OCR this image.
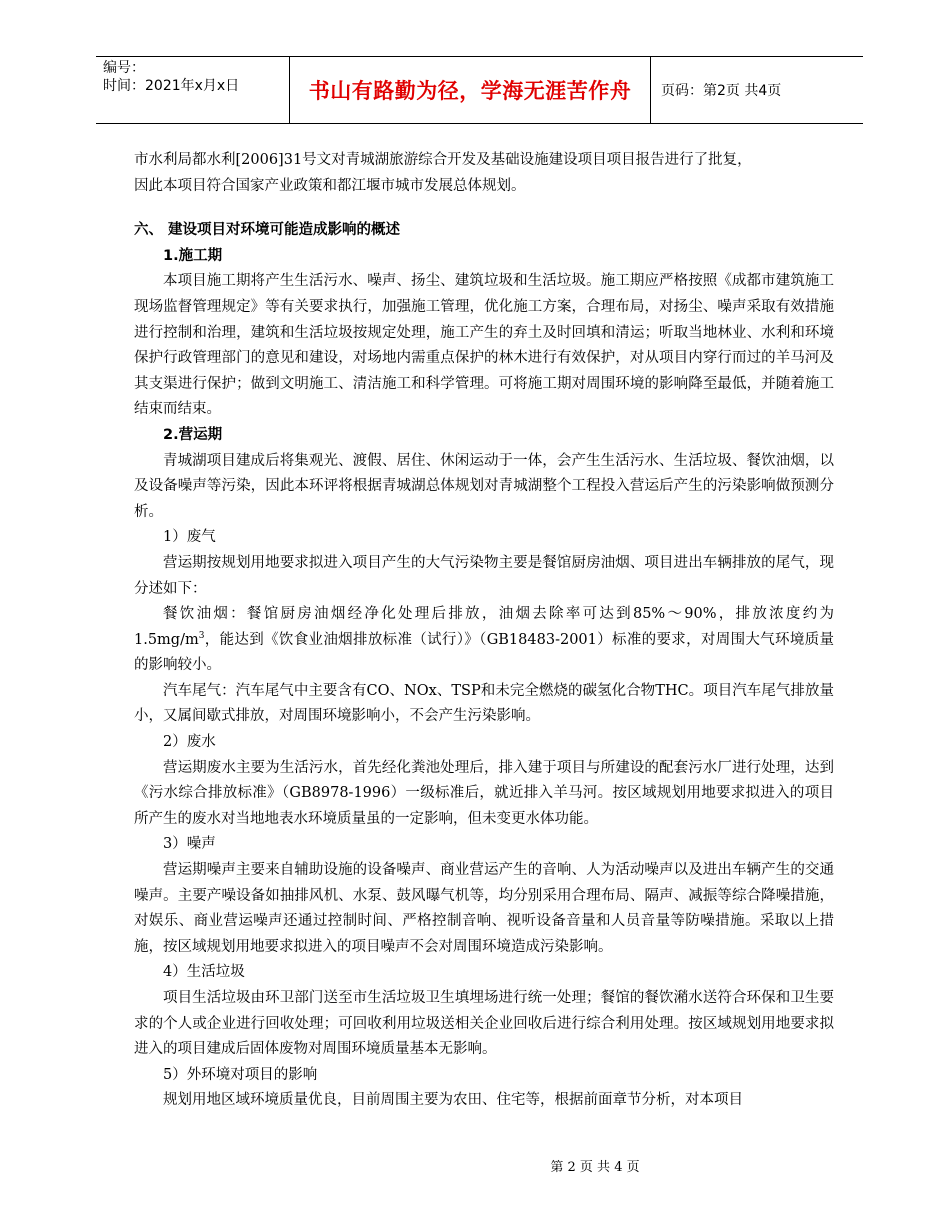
编号：
时间：2021年x月x日	书山有路勤为径，学海无涯苦作舟	页码：第2页 共4页

市水利局都水利[2006]31号文对青城湖旅游综合开发及基础设施建设项目项目报告进行了批复，

因此本项目符合国家产业政策和都江堰市城市发展总体规划。

六、 建设项目对环境可能造成影响的概述
1.施工期

本项目施工期将产生生活污水、噪声、扬尘、建筑垃圾和生活垃圾。施工期应严格按照《成都市建筑施工现场监督管理规定》等有关要求执行，加强施工管理，优化施工方案，合理布局，对扬尘、噪声采取有效措施进行控制和治理，建筑和生活垃圾按规定处理，施工产生的弃土及时回填和清运；听取当地林业、水利和环境保护行政管理部门的意见和建设，对场地内需重点保护的林木进行有效保护，对从项目内穿行而过的羊马河及其支渠进行保护；做到文明施工、清洁施工和科学管理。可将施工期对周围环境的影响降至最低，并随着施工结束而结束。

2.营运期

青城湖项目建成后将集观光、渡假、居住、休闲运动于一体，会产生生活污水、生活垃圾、餐饮油烟，以及设备噪声等污染，因此本环评将根据青城湖总体规划对青城湖整个工程投入营运后产生的污染影响做预测分析。

1）废气

营运期按规划用地要求拟进入项目产生的大气污染物主要是餐馆厨房油烟、项目进出车辆排放的尾气，现分述如下：

餐饮油烟：餐馆厨房油烟经净化处理后排放，油烟去除率可达到85%～90%，排放浓度约为$1.5mg/m^3$，能达到《饮食业油烟排放标准（试行）》（GB18483-2001）标准的要求，对周围大气环境质量的影响较小。

汽车尾气：汽车尾气中主要含有CO、NOx、TSP和未完全燃烧的碳氢化合物THC。项目汽车尾气排放量小，又属间歇式排放，对周围环境影响小，不会产生污染影响。

2）废水

营运期废水主要为生活污水，首先经化粪池处理后，排入建于项目与所建设的配套污水厂进行处理，达到《污水综合排放标准》（GB8978-1996）一级标准后，就近排入羊马河。按区域规划用地要求拟进入的项目所产生的废水对当地地表水环境质量虽的一定影响，但未变更水体功能。

3）噪声

营运期噪声主要来自辅助设施的设备噪声、商业营运产生的音响、人为活动噪声以及进出车辆产生的交通噪声。主要产噪设备如抽排风机、水泵、鼓风曝气机等，均分别采用合理布局、隔声、减振等综合降噪措施，对娱乐、商业营运噪声还通过控制时间、严格控制音响、视听设备音量和人员音量等防噪措施。采取以上措施，按区域规划用地要求拟进入的项目噪声不会对周围环境造成污染影响。

4）生活垃圾

项目生活垃圾由环卫部门送至市生活垃圾卫生填埋场进行统一处理；餐馆的餐饮潲水送符合环保和卫生要求的个人或企业进行回收处理；可回收利用垃圾送相关企业回收后进行综合利用处理。按区域规划用地要求拟进入的项目建成后固体废物对周围环境质量基本无影响。

5）外环境对项目的影响

规划用地区域环境质量优良，目前周围主要为农田、住宅等，根据前面章节分析，对本项目

第 2 页 共 4 页
